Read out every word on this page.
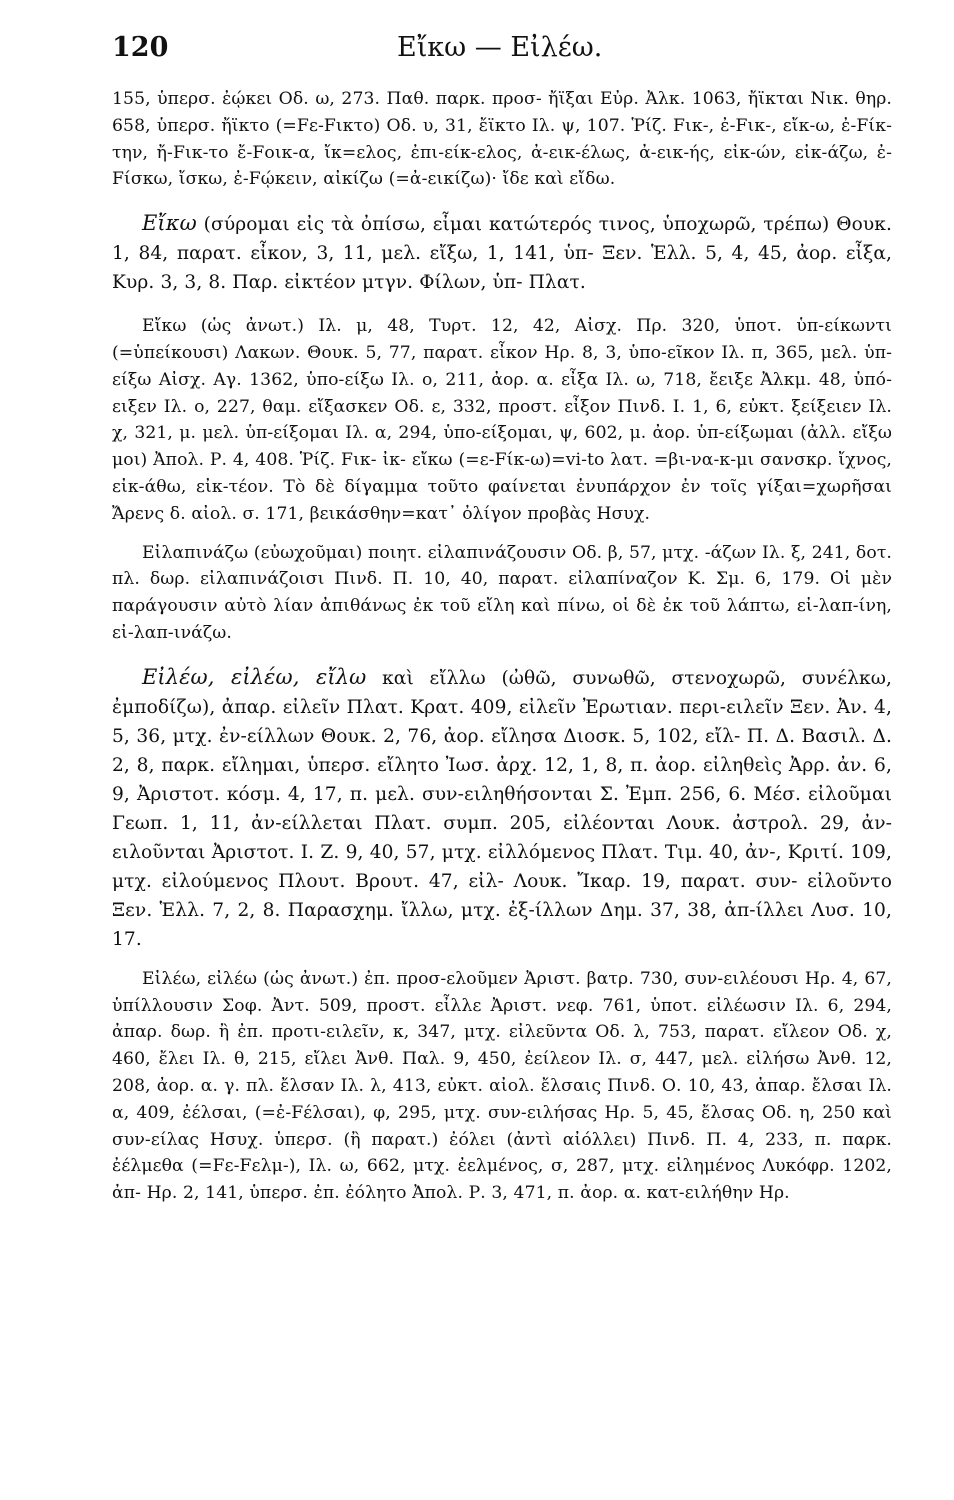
120	Εἴκω — Εἰλέω.

155, ὑπερσ. ἐῴκει Οδ. ω, 273. Παθ. παρκ. προσ- ἤϊξαι Εὐρ. Ἀλκ. 1063, ἤϊκται Νικ. θηρ. 658, ὑπερσ. ἤϊκτο (=Fε-Fικτο) Οδ. υ, 31, ἔϊκτο Ιλ. ψ, 107. Ῥίζ. Fικ-, ἐ-Fικ-, εἴκ-ω, ἐ-Fίκ-την, ἤ-Fικ-το ἔ-Fοικ-α, ἴκ=ελος, ἐπι-είκ-ελος, ἀ-εικ-έλως, ἀ-εικ-ής, εἰκ-ών, εἰκ-άζω, ἐ-Fίσκω, ἴσκω, ἐ-Fῴκειν, αἰκίζω (=ἀ-εικίζω)· ἴδε καὶ εἴδω.

Εἴκω (σύρομαι εἰς τὰ ὀπίσω, εἶμαι κατώτερός τινος, ὑποχωρῶ, τρέπω) Θουκ. 1, 84, παρατ. εἶκον, 3, 11, μελ. εἴξω, 1, 141, ὑπ- Ξεν. Ἑλλ. 5, 4, 45, ἀορ. εἶξα, Κυρ. 3, 3, 8. Παρ. εἰκτέον μτγν. Φίλων, ὑπ- Πλατ.

Εἴκω (ὡς ἀνωτ.) Ιλ. μ, 48, Τυρτ. 12, 42, Αἰσχ. Πρ. 320, ὑποτ. ὑπ-είκωντι (=ὑπείκουσι) Λακων. Θουκ. 5, 77, παρατ. εἶκον Ηρ. 8, 3, ὑπο-εῖκον Ιλ. π, 365, μελ. ὑπ-είξω Αἰσχ. Αγ. 1362, ὑπο-είξω Ιλ. ο, 211, ἀορ. α. εἶξα Ιλ. ω, 718, ἔειξε Ἀλκμ. 48, ὑπό-ειξεν Ιλ. ο, 227, θαμ. εἴξασκεν Οδ. ε, 332, προστ. εἶξον Πινδ. Ι. 1, 6, εὐκτ. ξείξειεν Ιλ. χ, 321, μ. μελ. ὑπ-είξομαι Ιλ. α, 294, ὑπο-είξομαι, ψ, 602, μ. ἀορ. ὑπ-είξωμαι (ἀλλ. εἴξω μοι) Ἀπολ. Ρ. 4, 408. Ῥίζ. Fικ- ἰκ- εἴκω (=ε-Fίκ-ω)=vi-to λατ. =βι-να-κ-μι σανσκρ. ἴχνος, εἰκ-άθω, εἰκ-τέον. Τὸ δὲ δίγαμμα τοῦτο φαίνεται ἐνυπάρχον ἐν τοῖς γίξαι=χωρῆσαι Ἄρενς δ. αἰολ. σ. 171, βεικάσθην=κατ᾽ ὀλίγον προβὰς Ησυχ.

Εἰλαπινάζω (εὐωχοῦμαι) ποιητ. εἰλαπινάζουσιν Οδ. β, 57, μτχ. -άζων Ιλ. ξ, 241, δοτ. πλ. δωρ. εἰλαπινάζοισι Πινδ. Π. 10, 40, παρατ. εἰλαπίναζον Κ. Σμ. 6, 179. Οἱ μὲν παράγουσιν αὐτὸ λίαν ἀπιθάνως ἐκ τοῦ εἴλη καὶ πίνω, οἱ δὲ ἐκ τοῦ λάπτω, εἰ-λαπ-ίνη, εἰ-λαπ-ινάζω.

Εἰλέω, εἰλέω, εἴλω καὶ εἴλλω (ὠθῶ, συνωθῶ, στενοχωρῶ, συνέλκω, ἐμποδίζω), ἀπαρ. εἰλεῖν Πλατ. Κρατ. 409, εἰλεῖν Ἐρωτιαν. περι-ειλεῖν Ξεν. Ἀν. 4, 5, 36, μτχ. ἐν-είλλων Θουκ. 2, 76, ἀορ. εἴλησα Διοσκ. 5, 102, εἴλ- Π. Δ. Βασιλ. Δ. 2, 8, παρκ. εἴλημαι, ὑπερσ. εἴλητο Ἰωσ. ἀρχ. 12, 1, 8, π. ἀορ. εἰληθεὶς Ἀρρ. ἀν. 6, 9, Ἀριστοτ. κόσμ. 4, 17, π. μελ. συν-ειληθήσονται Σ. Ἐμπ. 256, 6. Μέσ. εἰλοῦμαι Γεωπ. 1, 11, ἀν-είλλεται Πλατ. συμπ. 205, εἰλέονται Λουκ. ἀστρολ. 29, ἀν-ειλοῦνται Ἀριστοτ. Ι. Ζ. 9, 40, 57, μτχ. εἰλλόμενος Πλατ. Τιμ. 40, ἀν-, Κριτί. 109, μτχ. εἰλούμενος Πλουτ. Βρουτ. 47, εἰλ- Λουκ. Ἴκαρ. 19, παρατ. συν- εἰλοῦντο Ξεν. Ἑλλ. 7, 2, 8. Παρασχημ. ἴλλω, μτχ. ἐξ-ίλλων Δημ. 37, 38, ἀπ-ίλλει Λυσ. 10, 17.

Εἰλέω, εἰλέω (ὡς ἀνωτ.) ἐπ. προσ-ελοῦμεν Ἀριστ. βατρ. 730, συν-ειλέουσι Ηρ. 4, 67, ὑπίλλουσιν Σοφ. Ἀντ. 509, προστ. εἶλλε Ἀριστ. νεφ. 761, ὑποτ. εἰλέωσιν Ιλ. 6, 294, ἀπαρ. δωρ. ἢ ἐπ. προτι-ειλεῖν, κ, 347, μτχ. εἰλεῦντα Οδ. λ, 753, παρατ. εἴλεον Οδ. χ, 460, ἔλει Ιλ. θ, 215, εἴλει Ἀνθ. Παλ. 9, 450, ἐείλεον Ιλ. σ, 447, μελ. εἰλήσω Ἀνθ. 12, 208, ἀορ. α. γ. πλ. ἔλσαν Ιλ. λ, 413, εὐκτ. αἰολ. ἔλσαις Πινδ. Ο. 10, 43, ἀπαρ. ἔλσαι Ιλ. α, 409, ἐέλσαι, (=ἐ-Fέλσαι), φ, 295, μτχ. συν-ειλήσας Ηρ. 5, 45, ἔλσας Οδ. η, 250 καὶ συν-είλας Ησυχ. ὑπερσ. (ἢ παρατ.) ἐόλει (ἀντὶ αἰόλλει) Πινδ. Π. 4, 233, π. παρκ. ἐέλμεθα (=Fε-Fελμ-), Ιλ. ω, 662, μτχ. ἐελμένος, σ, 287, μτχ. εἰλημένος Λυκόφρ. 1202, ἀπ- Ηρ. 2, 141, ὑπερσ. ἐπ. ἐόλητο Ἀπολ. Ρ. 3, 471, π. ἀορ. α. κατ-ειλήθην Ηρ.
